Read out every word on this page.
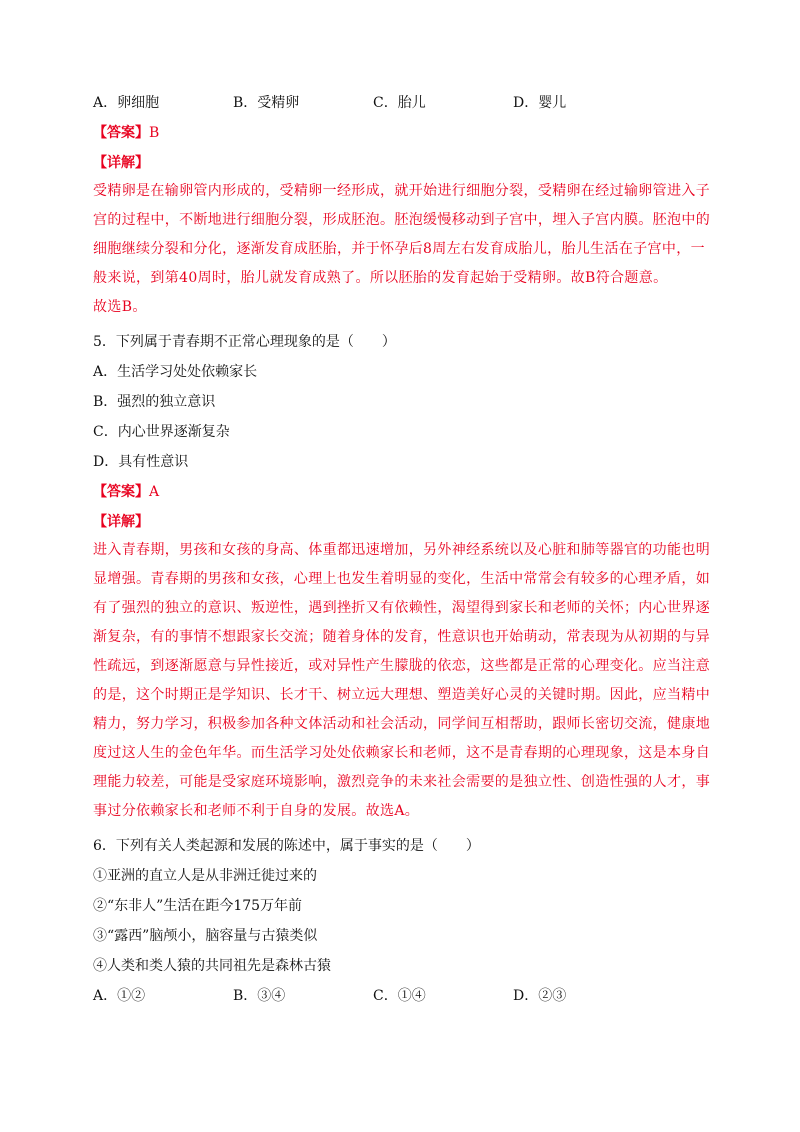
A．卵细胞	B．受精卵	C．胎儿	D．婴儿
【答案】B
【详解】
受精卵是在输卵管内形成的，受精卵一经形成，就开始进行细胞分裂，受精卵在经过输卵管进入子
宫的过程中，不断地进行细胞分裂，形成胚泡。胚泡缓慢移动到子宫中，埋入子宫内膜。胚泡中的
细胞继续分裂和分化，逐渐发育成胚胎，并于怀孕后8周左右发育成胎儿，胎儿生活在子宫中，一
般来说，到第40周时，胎儿就发育成熟了。所以胚胎的发育起始于受精卵。故B符合题意。
故选B。
5．下列属于青春期不正常心理现象的是（　　）
A．生活学习处处依赖家长
B．强烈的独立意识
C．内心世界逐渐复杂
D．具有性意识
【答案】A
【详解】
进入青春期，男孩和女孩的身高、体重都迅速增加，另外神经系统以及心脏和肺等器官的功能也明
显增强。青春期的男孩和女孩，心理上也发生着明显的变化，生活中常常会有较多的心理矛盾，如
有了强烈的独立的意识、叛逆性，遇到挫折又有依赖性，渴望得到家长和老师的关怀；内心世界逐
渐复杂，有的事情不想跟家长交流；随着身体的发育，性意识也开始萌动，常表现为从初期的与异
性疏远，到逐渐愿意与异性接近，或对异性产生朦胧的依恋，这些都是正常的心理变化。应当注意
的是，这个时期正是学知识、长才干、树立远大理想、塑造美好心灵的关键时期。因此，应当精中
精力，努力学习，积极参加各种文体活动和社会活动，同学间互相帮助，跟师长密切交流，健康地
度过这人生的金色年华。而生活学习处处依赖家长和老师，这不是青春期的心理现象，这是本身自
理能力较差，可能是受家庭环境影响，激烈竞争的未来社会需要的是独立性、创造性强的人才，事
事过分依赖家长和老师不利于自身的发展。故选A。
6．下列有关人类起源和发展的陈述中，属于事实的是（　　）
①亚洲的直立人是从非洲迁徙过来的
②“东非人”生活在距今175万年前
③“露西”脑颅小，脑容量与古猿类似
④人类和类人猿的共同祖先是森林古猿
A．①②	B．③④	C．①④	D．②③
